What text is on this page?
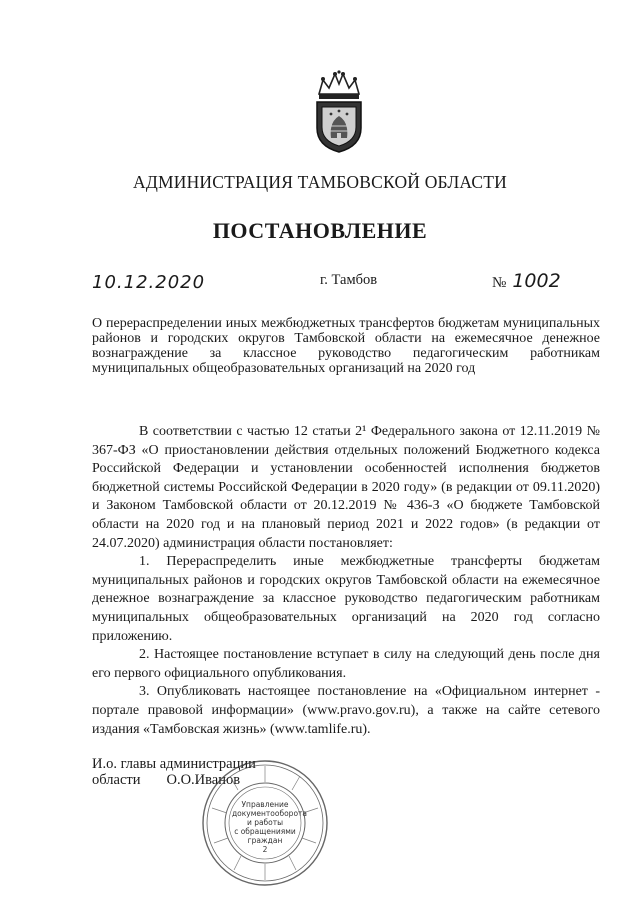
АДМИНИСТРАЦИЯ ТАМБОВСКОЙ ОБЛАСТИ
ПОСТАНОВЛЕНИЕ
10.12.2020	г. Тамбов	№ 1002

О перераспределении иных межбюджетных трансфертов бюджетам муниципальных районов и городских округов Тамбовской области на ежемесячное денежное вознаграждение за классное руководство педагогическим работникам муниципальных общеобразовательных организаций на 2020 год

В соответствии с частью 12 статьи 2¹ Федерального закона от 12.11.2019 № 367-ФЗ «О приостановлении действия отдельных положений Бюджетного кодекса Российской Федерации и установлении особенностей исполнения бюджетов бюджетной системы Российской Федерации в 2020 году» (в редакции от 09.11.2020) и Законом Тамбовской области от 20.12.2019 № 436-З «О бюджете Тамбовской области на 2020 год и на плановый период 2021 и 2022 годов» (в редакции от 24.07.2020) администрация области постановляет:

1. Перераспределить иные межбюджетные трансферты бюджетам муниципальных районов и городских округов Тамбовской области на ежемесячное денежное вознаграждение за классное руководство педагогическим работникам муниципальных общеобразовательных организаций на 2020 год согласно приложению.

2. Настоящее постановление вступает в силу на следующий день после дня его первого официального опубликования.

3. Опубликовать настоящее постановление на «Официальном интернет - портале правовой информации» (www.pravo.gov.ru), а также на сайте сетевого издания «Тамбовская жизнь» (www.tamlife.ru).

И.о. главы администрации
области О.О.Иванов
Управление
документооборота
и работы
с обращениями
граждан
2
